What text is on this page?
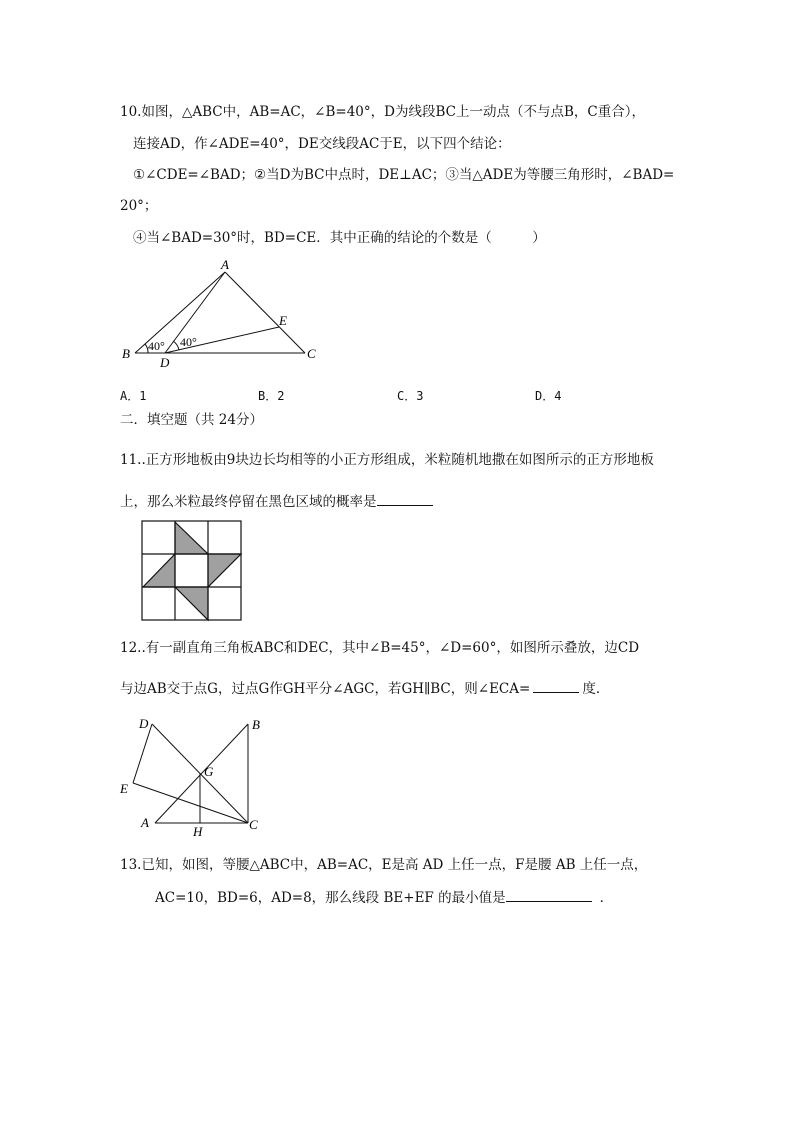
10.如图，△ABC中，AB=AC，∠B=40°，D为线段BC上一动点（不与点B，C重合），
连接AD，作∠ADE=40°，DE交线段AC于E，以下四个结论：
①∠CDE=∠BAD；②当D为BC中点时，DE⊥AC；③当△ADE为等腰三角形时，∠BAD=
20°；
④当∠BAD=30°时，BD=CE．其中正确的结论的个数是（　　　）
A
B	C
D
E
40° 40°
A．1	B．2	C．3	D．4
二．填空题（共 24分）
11..正方形地板由9块边长均相等的小正方形组成，米粒随机地撒在如图所示的正方形地板
上，那么米粒最终停留在黑色区域的概率是
12..有一副直角三角板ABC和DEC，其中∠B=45°，∠D=60°，如图所示叠放，边CD
与边AB交于点G，过点G作GH平分∠AGC，若GH∥BC，则∠ECA=	度．
D	B
G
E
A
H	C
13.已知，如图，等腰△ABC中，AB=AC，E是高 AD 上任一点，F是腰 AB 上任一点，
AC=10，BD=6，AD=8，那么线段 BE+EF 的最小值是	．
